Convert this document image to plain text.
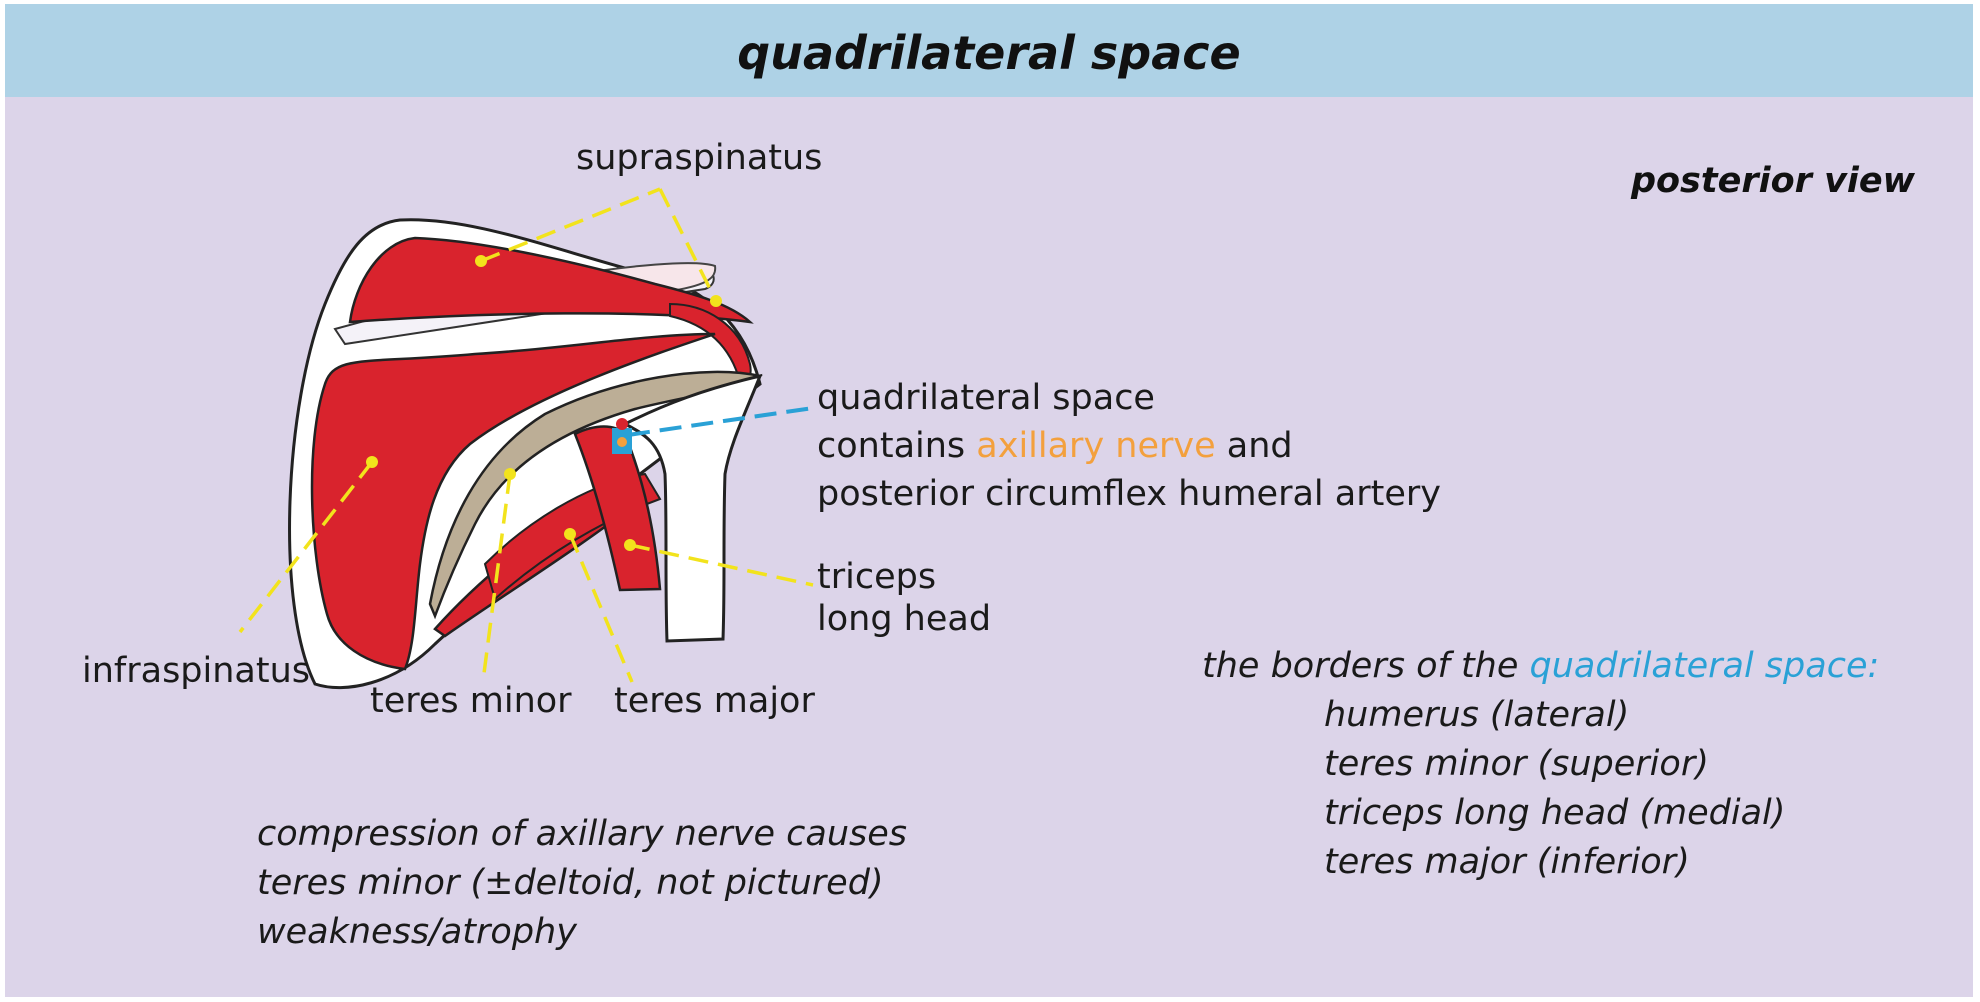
quadrilateral space
posterior view
supraspinatus
infraspinatus
teres minor teres major
triceps
long head
quadrilateral space
contains axillary nerve and
posterior circumflex humeral artery
the borders of the quadrilateral space:
humerus (lateral)
teres minor (superior)
triceps long head (medial)
teres major (inferior)
compression of axillary nerve causes
teres minor (±deltoid, not pictured)
weakness/atrophy
